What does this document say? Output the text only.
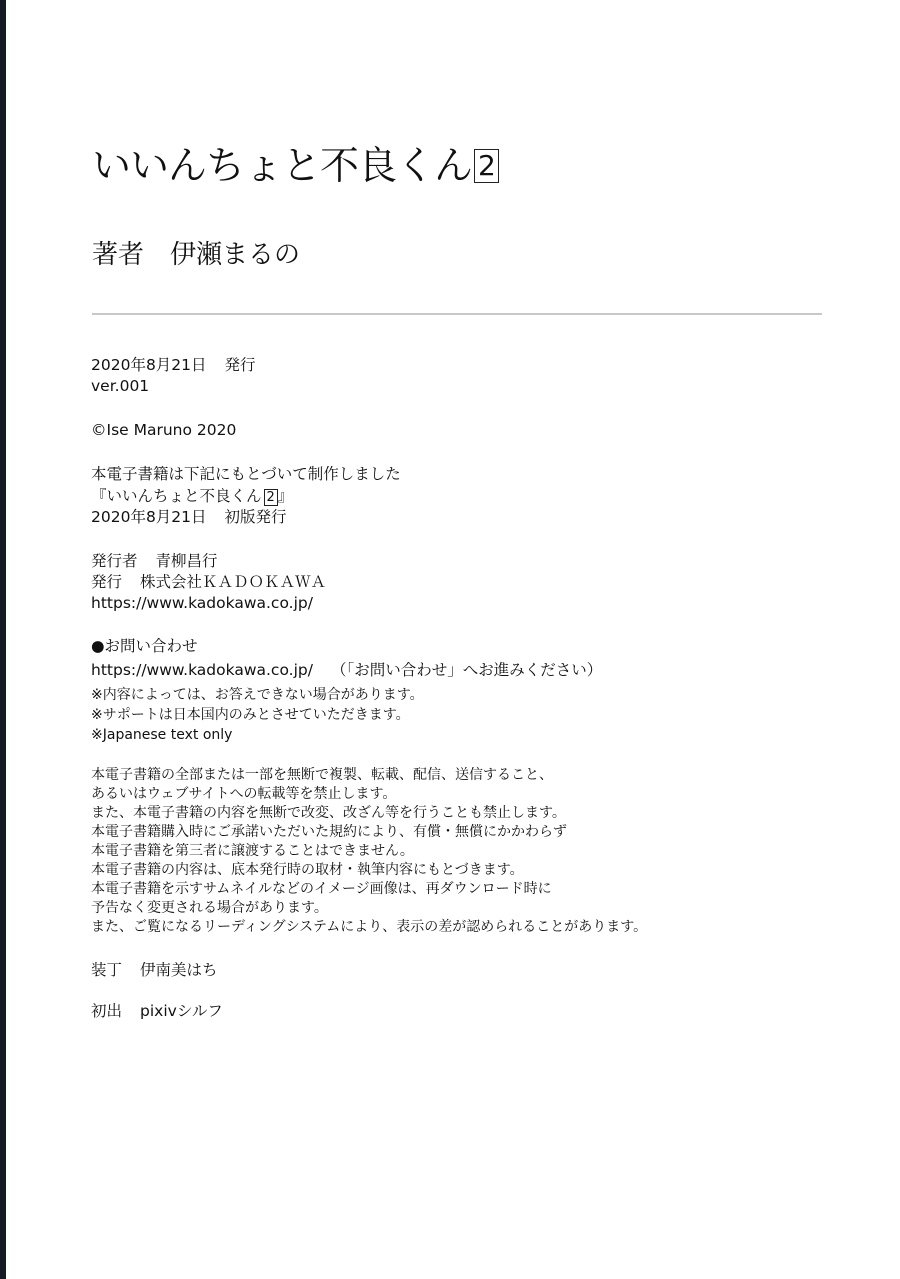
いいんちょと不良くん 2
著者 伊瀬まるの
2020年8月21日 発行
ver.001
©Ise Maruno 2020
本電子書籍は下記にもとづいて制作しました
『いいんちょと不良くん 2 』
2020年8月21日 初版発行
発行者 青柳昌行
発行 株式会社ＫＡＤＯＫＡＷＡ
https://www.kadokawa.co.jp/
●お問い合わせ
https://www.kadokawa.co.jp/ （「お問い合わせ」へお進みください）
※内容によっては、お答えできない場合があります。
※サポートは日本国内のみとさせていただきます。
※Japanese text only
本電子書籍の全部または一部を無断で複製、転載、配信、送信すること、
あるいはウェブサイトへの転載等を禁止します。
また、本電子書籍の内容を無断で改変、改ざん等を行うことも禁止します。
本電子書籍購入時にご承諾いただいた規約により、有償・無償にかかわらず
本電子書籍を第三者に譲渡することはできません。
本電子書籍の内容は、底本発行時の取材・執筆内容にもとづきます。
本電子書籍を示すサムネイルなどのイメージ画像は、再ダウンロード時に
予告なく変更される場合があります。
また、ご覧になるリーディングシステムにより、表示の差が認められることがあります。
装丁 伊南美はち
初出 pixivシルフ
